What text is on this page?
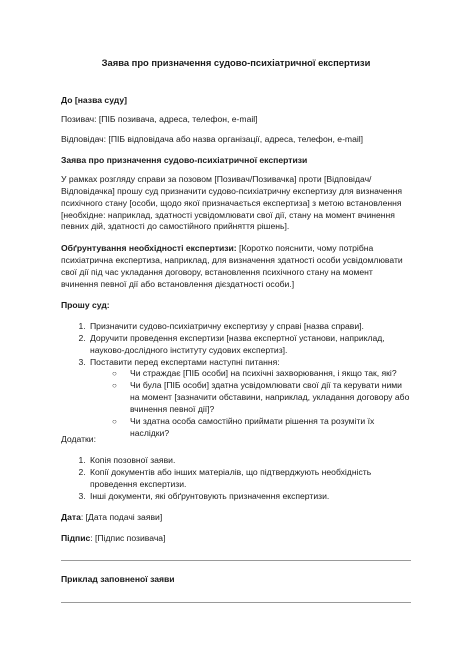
Заява про призначення судово-психіатричної експертизи
До [назва суду]
Позивач: [ПІБ позивача, адреса, телефон, e-mail]
Відповідач: [ПІБ відповідача або назва організації, адреса, телефон, e-mail]
Заява про призначення судово-психіатричної експертизи
У рамках розгляду справи за позовом [Позивач/Позивачка] проти [Відповідач/Відповідачка] прошу суд призначити судово-психіатричну експертизу для визначення психічного стану [особи, щодо якої призначається експертиза] з метою встановлення [необхідне: наприклад, здатності усвідомлювати свої дії, стану на момент вчинення певних дій, здатності до самостійного прийняття рішень].
Обґрунтування необхідності експертизи: [Коротко пояснити, чому потрібна психіатрична експертиза, наприклад, для визначення здатності особи усвідомлювати свої дії під час укладання договору, встановлення психічного стану на момент вчинення певної дії або встановлення дієздатності особи.]
Прошу суд:
1. Призначити судово-психіатричну експертизу у справі [назва справи].
2. Доручити проведення експертизи [назва експертної установи, наприклад, науково-дослідного інституту судових експертиз].
3. Поставити перед експертами наступні питання:
○ Чи страждає [ПІБ особи] на психічні захворювання, і якщо так, які?
○ Чи була [ПІБ особи] здатна усвідомлювати свої дії та керувати ними на момент [зазначити обставини, наприклад, укладання договору або вчинення певної дії]?
○ Чи здатна особа самостійно приймати рішення та розуміти їх наслідки?
Додатки:
1. Копія позовної заяви.
2. Копії документів або інших матеріалів, що підтверджують необхідність проведення експертизи.
3. Інші документи, які обґрунтовують призначення експертизи.
Дата: [Дата подачі заяви]
Підпис: [Підпис позивача]
Приклад заповненої заяви
